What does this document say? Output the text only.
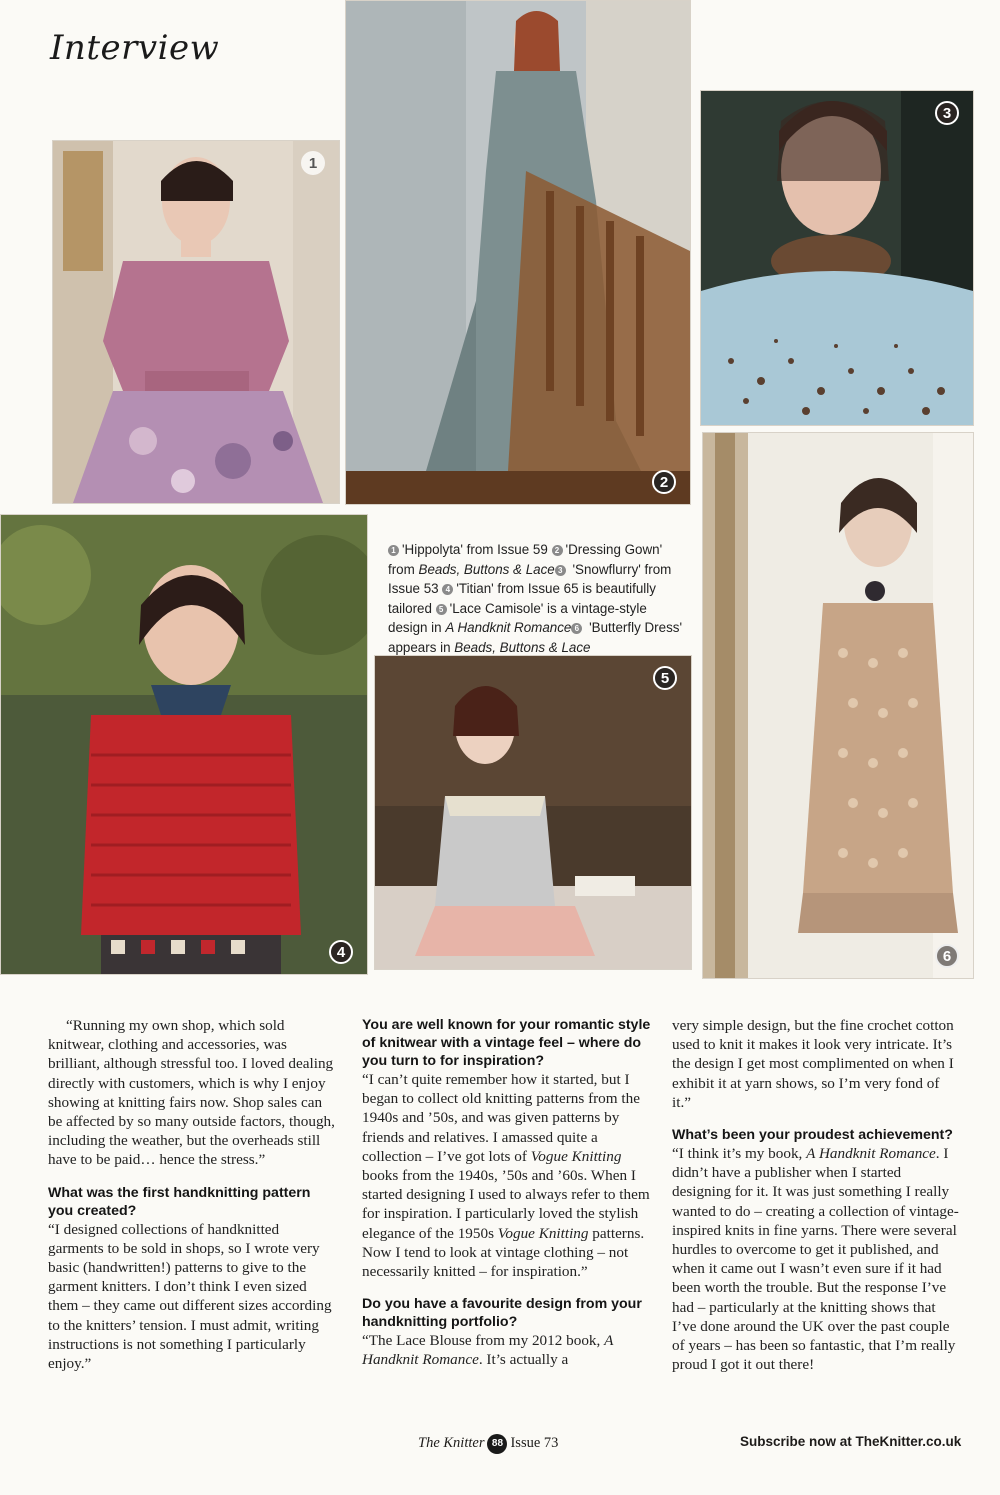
Interview
1
2
3
4
5
6
1 'Hippolyta' from Issue 59 2 'Dressing Gown' from Beads, Buttons & Lace 3 'Snowflurry' from Issue 53 4 'Titian' from Issue 65 is beautifully tailored 5 'Lace Camisole' is a vintage-style design in A Handknit Romance 6 'Butterfly Dress' appears in Beads, Buttons & Lace

“Running my own shop, which sold knitwear, clothing and accessories, was brilliant, although stressful too. I loved dealing directly with customers, which is why I enjoy showing at knitting fairs now. Shop sales can be affected by so many outside factors, though, including the weather, but the overheads still have to be paid… hence the stress.”

What was the first handknitting pattern you created?

“I designed collections of handknitted garments to be sold in shops, so I wrote very basic (handwritten!) patterns to give to the garment knitters. I don’t think I even sized them – they came out different sizes according to the knitters’ tension. I must admit, writing instructions is not something I particularly enjoy.”

You are well known for your romantic style of knitwear with a vintage feel – where do you turn to for inspiration?

“I can’t quite remember how it started, but I began to collect old knitting patterns from the 1940s and ’50s, and was given patterns by friends and relatives. I amassed quite a collection – I’ve got lots of Vogue Knitting books from the 1940s, ’50s and ’60s. When I started designing I used to always refer to them for inspiration. I particularly loved the stylish elegance of the 1950s Vogue Knitting patterns. Now I tend to look at vintage clothing – not necessarily knitted – for inspiration.”

Do you have a favourite design from your handknitting portfolio?

“The Lace Blouse from my 2012 book, A Handknit Romance. It’s actually a

very simple design, but the fine crochet cotton used to knit it makes it look very intricate. It’s the design I get most complimented on when I exhibit it at yarn shows, so I’m very fond of it.”

What’s been your proudest achievement?

“I think it’s my book, A Handknit Romance. I didn’t have a publisher when I started designing for it. It was just something I really wanted to do – creating a collection of vintage-inspired knits in fine yarns. There were several hurdles to overcome to get it published, and when it came out I wasn’t even sure if it had been worth the trouble. But the response I’ve had – particularly at the knitting shows that I’ve done around the UK over the past couple of years – has been so fantastic, that I’m really proud I got it out there!

The Knitter 88 Issue 73	Subscribe now at TheKnitter.co.uk
